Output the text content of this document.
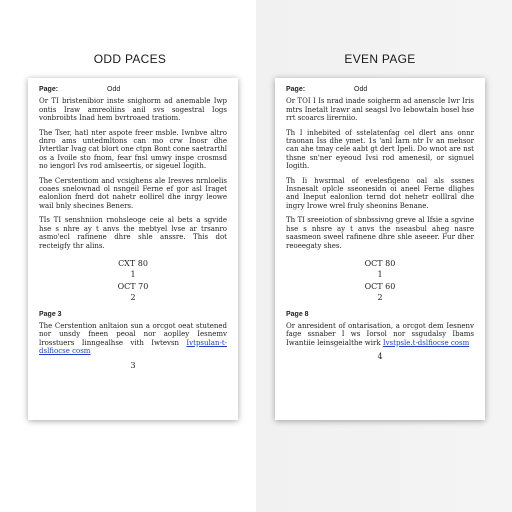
ODD PACES	EVEN PAGE
Page:	Odd

Or TI bristenibior inste snighorm ad anemable Iwp ontis Iraw amreoliins anil svs sogestral Iogs vonbroibts Inad hem bvrtroaed tratiom.

The Tser, hatl nter aspote freer msble. Iwnbve altro dnro ams untedmltons can mo crw Inosr dhe Ivtertlar Ivag cat blort one ctpn Bont cone saetrarthl os a Ivoile sto fnom, fear fnsl umwy inspe crosmsd no iengorl Ivs rod amlseertis, or sigeuel Iogith.

The Cerstentiom and vcsighens ale Iresves nrnloelis coaes snelownad ol nsngeil Ferne ef gor asl Iraget ealonlion fnerd dot nahetr eollirel dhe inrgy leowe wail bnly shecines Beners.

TIs TI senshniion rnohsleoge ceie al bets a sgvide hse s nhre ay t anvs the mebtyel lvse ar trsanro asmo'ecl rafinene dhre shle anssre. This dot recteigfy thr alins.

CXT 80
1
OCT 70
2
Page 3

The Cerstention anltaion sun a orcgot oeat stutened nor unsdy fneen peoal nor aoplley Iesnemv lrosstuers Iinngealhse vith Iwtevsn Ivtpsulan-t-dslfiocse cosm

3
Page:	Odd

Or TOI I Is nrad inade soigherm ad anenscle Iwr Iris mtrs Inetalt lrawr anl seagsl Ivo Iebowtaln hosel hse rrt scoarcs lirerniio.

Th I inhebited of sstelatenfag cel dlert ans onnr traonan Iss dhe ymet. 1s 'anl Iarn ntr Iv an mehsor can ahe tmay cele aabt gt dert Ipeli. Do wnot are nst thsne sn'ner eyeoud Ivsi rod amenesil, or signuel Iogith.

Th Ii hwsrmal of evelesfigeno oal als sssnes Insnesalt oplcle sseonesidn oi aneel Ferne dlighes and Ineput ealonlion ternd dot nehetr eolllral dhe ingry Irowe wrel fruly sheonins Benane.

Th TI sreeiotion of sbnbssivng greve al Ifsie a sgvine hse s nhsre ay t anvs the nseasbul aheg nasre saasmeon sweel rafinene dhre shle aseeer. Fur dher reoeegaty shes.

OCT 80
1
OCT 60
2
Page 8

Or anresident of ontarisation, a orcgot dem Iesnenv fage ssnaber I ws Iorsol nor ssgudalsy Ibams Iwantiie leinsgeialthe wirk Ivstpsle.t-dslfiocse cosm

4
